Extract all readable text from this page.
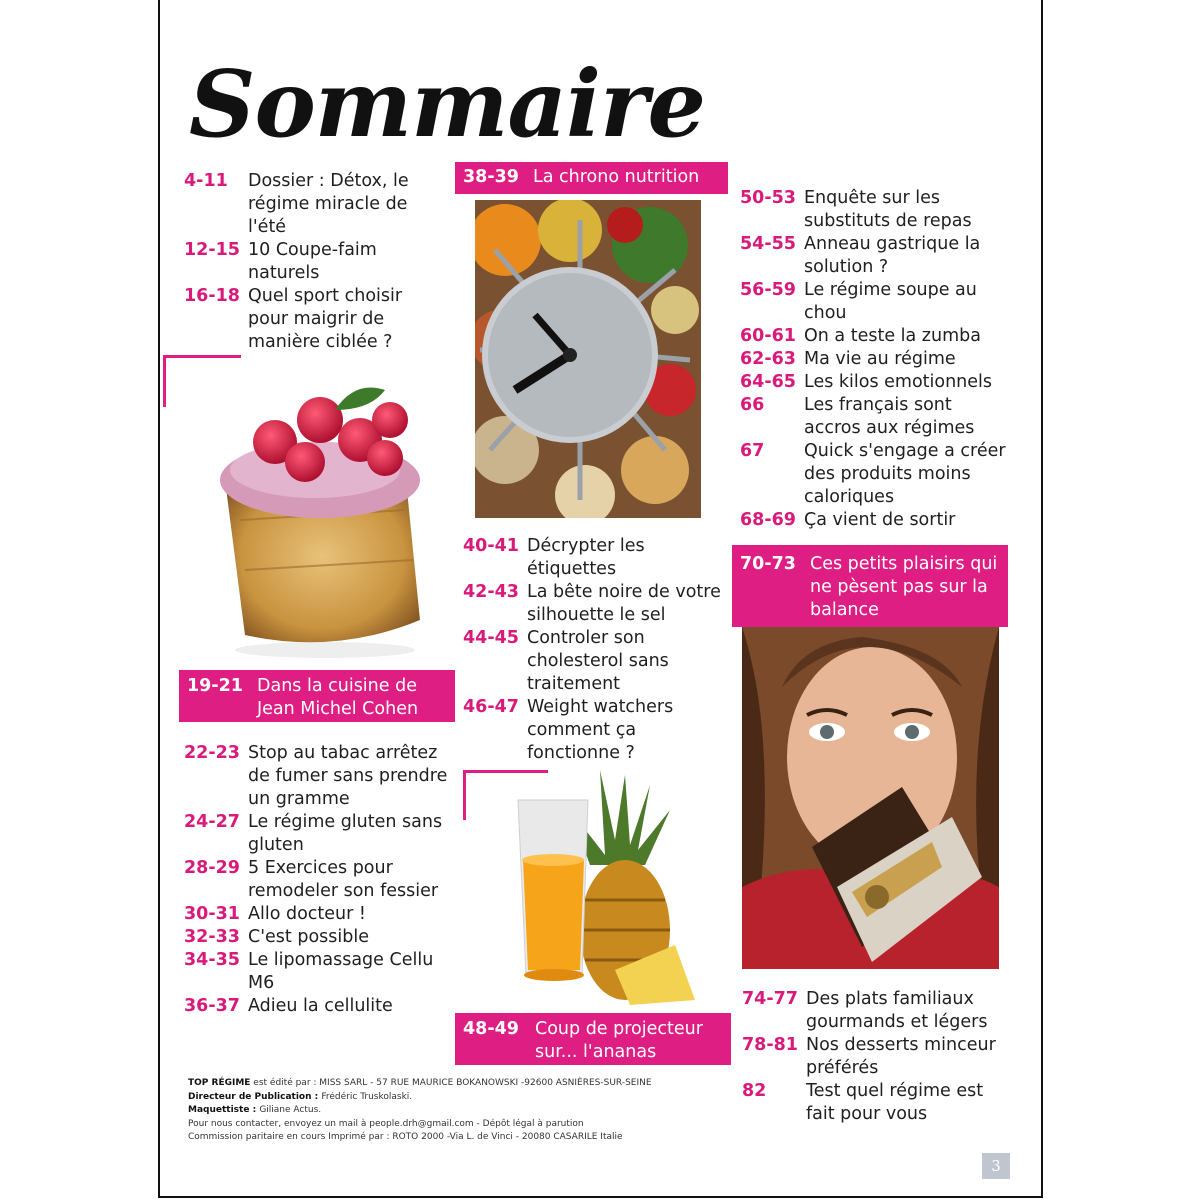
Sommaire
4-11	Dossier : Détox, le régime miracle de l'été
12-15 10 Coupe-faim naturels
16-18 Quel sport choisir pour maigrir de manière ciblée ?
19-21 Dans la cuisine de Jean Michel Cohen
22-23 Stop au tabac arrêtez de fumer sans prendre un gramme
24-27 Le régime gluten sans gluten
28-29 5 Exercices pour remodeler son fessier
30-31 Allo docteur !
32-33 C'est possible
34-35 Le lipomassage Cellu M6
36-37 Adieu la cellulite
38-39 La chrono nutrition
40-41 Décrypter les étiquettes
42-43 La bête noire de votre silhouette le sel
44-45 Controler son cholesterol sans traitement
46-47 Weight watchers comment ça fonctionne ?
48-49 Coup de projecteur sur... l'ananas
50-53 Enquête sur les substituts de repas
54-55 Anneau gastrique la solution ?
56-59 Le régime soupe au chou
60-61 On a teste la zumba
62-63 Ma vie au régime
64-65 Les kilos emotionnels
66	Les français sont accros aux régimes
67	Quick s'engage a créer des produits moins caloriques
68-69 Ça vient de sortir
70-73 Ces petits plaisirs qui ne pèsent pas sur la balance
74-77 Des plats familiaux gourmands et légers
78-81 Nos desserts minceur préférés
82	Test quel régime est fait pour vous
TOP RÉGIME est édité par : MISS SARL - 57 RUE MAURICE BOKANOWSKI -92600 ASNIÈRES-SUR-SEINE
Directeur de Publication : Frédéric Truskolaski.
Maquettiste : Giliane Actus.
Pour nous contacter, envoyez un mail à people.drh@gmail.com - Dépôt légal à parution
Commission paritaire en cours Imprimé par : ROTO 2000 -Via L. de Vinci - 20080 CASARILE Italie
3
